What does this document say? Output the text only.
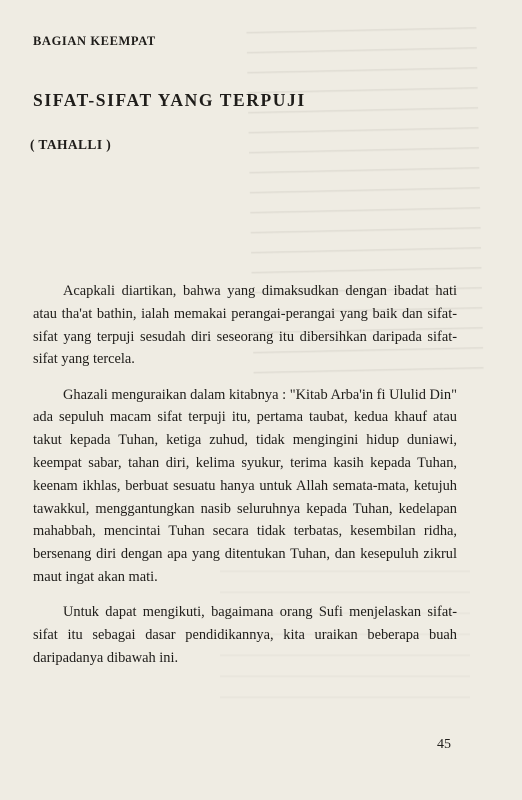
BAGIAN KEEMPAT
SIFAT-SIFAT YANG TERPUJI
( TAHALLI )

Acapkali diartikan, bahwa yang dimaksudkan dengan ibadat hati atau tha'at bathin, ialah memakai perangai-perangai yang baik dan sifat-sifat yang terpuji sesudah diri seseorang itu dibersihkan daripada sifat-sifat yang tercela.

Ghazali menguraikan dalam kitabnya : "Kitab Arba'in fi Ululid Din" ada sepuluh macam sifat terpuji itu, pertama taubat, kedua khauf atau takut kepada Tuhan, ketiga zuhud, tidak mengingini hidup duniawi, keempat sabar, tahan diri, kelima syukur, terima kasih kepada Tuhan, keenam ikhlas, berbuat sesuatu hanya untuk Allah semata-mata, ketujuh tawakkul, menggantungkan nasib seluruhnya kepada Tuhan, kedelapan mahabbah, mencintai Tuhan secara tidak terbatas, kesembilan ridha, bersenang diri dengan apa yang ditentukan Tuhan, dan kesepuluh zikrul maut ingat akan mati.

Untuk dapat mengikuti, bagaimana orang Sufi menjelaskan sifat-sifat itu sebagai dasar pendidikannya, kita uraikan beberapa buah daripadanya dibawah ini.

45
